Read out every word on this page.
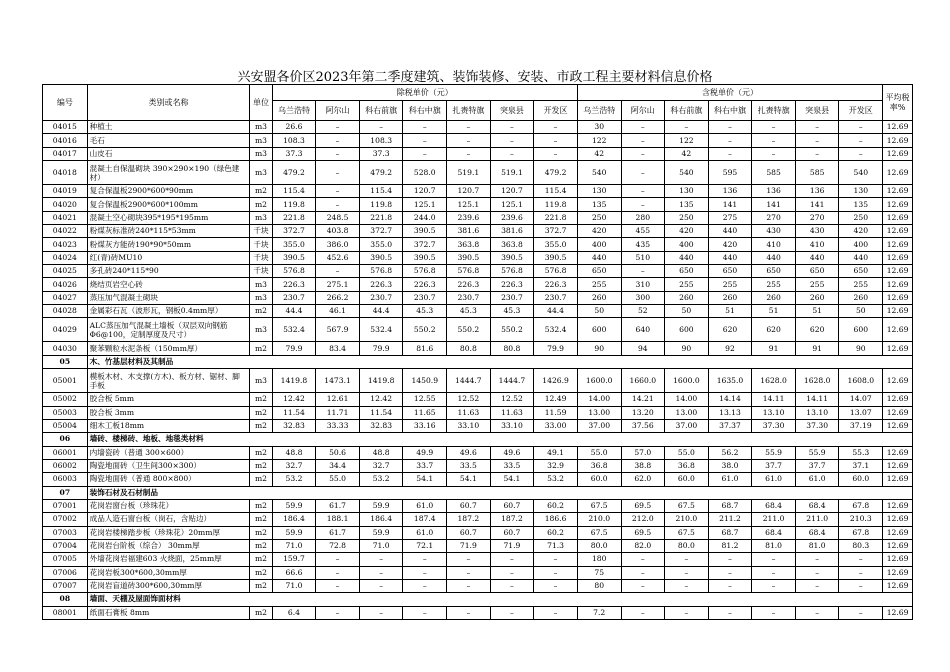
兴安盟各价区2023年第二季度建筑、装饰装修、安装、市政工程主要材料信息价格
编号	类别或名称	单位	除税单价（元）							含税单价（元）							平均税率%
			乌兰浩特	阿尔山	科右前旗	科右中旗	扎赉特旗	突泉县	开发区	乌兰浩特	阿尔山	科右前旗	科右中旗	扎赉特旗	突泉县	开发区	
04015	种植土	m3	26.6	–	–	–	–	–	–	30	–	–	–	–	–	–	12.69
04016	毛石	m3	108.3	–	108.3	–	–	–	–	122	–	122	–	–	–	–	12.69
04017	山皮石	m3	37.3	–	37.3	–	–	–	–	42	–	42	–	–	–	–	12.69
04018	混凝土自保温砌块 390×290×190（绿色建材）	m3	479.2	–	479.2	528.0	519.1	519.1	479.2	540	–	540	595	585	585	540	12.69
04019	复合保温板2900*600*90mm	m2	115.4	–	115.4	120.7	120.7	120.7	115.4	130	–	130	136	136	136	130	12.69
04020	复合保温板2900*600*100mm	m2	119.8	–	119.8	125.1	125.1	125.1	119.8	135	–	135	141	141	141	135	12.69
04021	混凝土空心砌块395*195*195mm	m3	221.8	248.5	221.8	244.0	239.6	239.6	221.8	250	280	250	275	270	270	250	12.69
04022	粉煤灰标准砖240*115*53mm	千块	372.7	403.8	372.7	390.5	381.6	381.6	372.7	420	455	420	440	430	430	420	12.69
04023	粉煤灰方能砖190*90*50mm	千块	355.0	386.0	355.0	372.7	363.8	363.8	355.0	400	435	400	420	410	410	400	12.69
04024	红(青)砖MU10	千块	390.5	452.6	390.5	390.5	390.5	390.5	390.5	440	510	440	440	440	440	440	12.69
04025	多孔砖240*115*90	千块	576.8	–	576.8	576.8	576.8	576.8	576.8	650	–	650	650	650	650	650	12.69
04026	烧结页岩空心砖	m3	226.3	275.1	226.3	226.3	226.3	226.3	226.3	255	310	255	255	255	255	255	12.69
04027	蒸压加气混凝土砌块	m3	230.7	266.2	230.7	230.7	230.7	230.7	230.7	260	300	260	260	260	260	260	12.69
04028	金属彩石瓦（波形瓦，钢板0.4mm厚）	m2	44.4	46.1	44.4	45.3	45.3	45.3	44.4	50	52	50	51	51	51	50	12.69
04029	ALC蒸压加气混凝土墙板（双层双向钢筋Φ6@100，定制厚度及尺寸）	m3	532.4	567.9	532.4	550.2	550.2	550.2	532.4	600	640	600	620	620	620	600	12.69
04030	聚苯颗粒水泥条板（150mm厚）	m2	79.9	83.4	79.9	81.6	80.8	80.8	79.9	90	94	90	92	91	91	90	12.69
05	木、竹基层材料及其制品																
05001	模板木材、木支撑(方木)、板方材、锯材、脚手板	m3	1419.8	1473.1	1419.8	1450.9	1444.7	1444.7	1426.9	1600.0	1660.0	1600.0	1635.0	1628.0	1628.0	1608.0	12.69
05002	胶合板 5mm	m2	12.42	12.61	12.42	12.55	12.52	12.52	12.49	14.00	14.21	14.00	14.14	14.11	14.11	14.07	12.69
05003	胶合板 3mm	m2	11.54	11.71	11.54	11.65	11.63	11.63	11.59	13.00	13.20	13.00	13.13	13.10	13.10	13.07	12.69
05004	细木工板18mm	m2	32.83	33.33	32.83	33.16	33.10	33.10	33.00	37.00	37.56	37.00	37.37	37.30	37.30	37.19	12.69
06	墙砖、楼梯砖、地板、地毯类材料																
06001	内墙瓷砖（普通 300×600）	m2	48.8	50.6	48.8	49.9	49.6	49.6	49.1	55.0	57.0	55.0	56.2	55.9	55.9	55.3	12.69
06002	陶瓷地面砖（卫生间300×300）	m2	32.7	34.4	32.7	33.7	33.5	33.5	32.9	36.8	38.8	36.8	38.0	37.7	37.7	37.1	12.69
06003	陶瓷地面砖（普通 800×800）	m2	53.2	55.0	53.2	54.1	54.1	54.1	53.2	60.0	62.0	60.0	61.0	61.0	61.0	60.0	12.69
07	装饰石材及石材制品																
07001	花岗岩窗台板（珍珠花）	m2	59.9	61.7	59.9	61.0	60.7	60.7	60.2	67.5	69.5	67.5	68.7	68.4	68.4	67.8	12.69
07002	成品人造石窗台板（岗石，含贴边）	m2	186.4	188.1	186.4	187.4	187.2	187.2	186.6	210.0	212.0	210.0	211.2	211.0	211.0	210.3	12.69
07003	花岗岩楼梯踏步板（珍珠花）20mm厚	m2	59.9	61.7	59.9	61.0	60.7	60.7	60.2	67.5	69.5	67.5	68.7	68.4	68.4	67.8	12.69
07004	花岗岩台阶板（综合） 30mm厚	m2	71.0	72.8	71.0	72.1	71.9	71.9	71.3	80.0	82.0	80.0	81.2	81.0	81.0	80.3	12.69
07005	外墙花岗岩福建603 火烧面，25mm厚	m2	159.7	–	–	–	–	–	–	180	–	–	–	–	–	–	12.69
07006	花岗岩板300*600,30mm厚	m2	66.6	–	–	–	–	–	–	75	–	–	–	–	–	–	12.69
07007	花岗岩盲道砖300*600,30mm厚	m2	71.0	–	–	–	–	–	–	80	–	–	–	–	–	–	12.69
08	墙面、天棚及屋面饰面材料																
08001	纸面石膏板 8mm	m2	6.4	–	–	–	–	–	–	7.2	–	–	–	–	–	–	12.69
